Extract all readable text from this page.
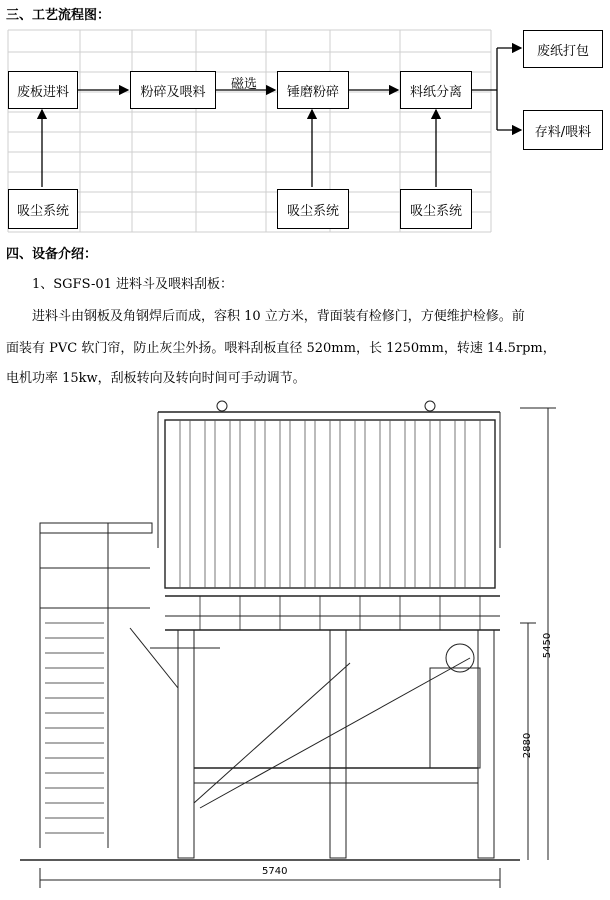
三、工艺流程图：
废板进料	粉碎及喂料	磁选	锤磨粉碎	料纸分离
废纸打包
存料/喂料
吸尘系统	吸尘系统	吸尘系统
四、设备介绍：
1、SGFS-01 进料斗及喂料刮板：
进料斗由钢板及角钢焊后而成，容积 10 立方米，背面装有检修门，方便维护检修。前
面装有 PVC 软门帘，防止灰尘外扬。喂料刮板直径 520mm，长 1250mm，转速 14.5rpm，
电机功率 15kw，刮板转向及转向时间可手动调节。
5740
5450
2880
